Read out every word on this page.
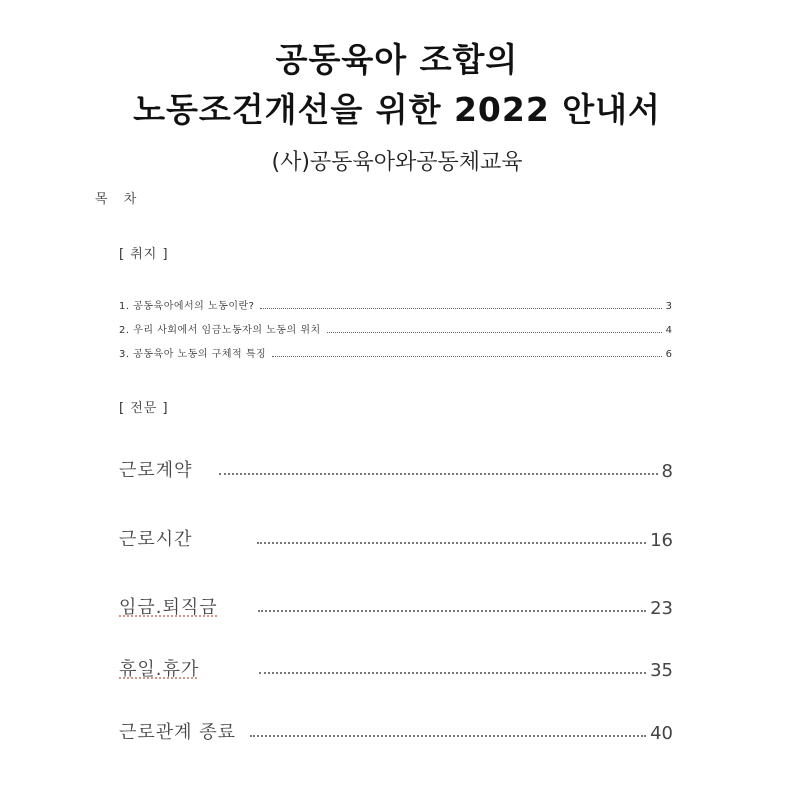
공동육아 조합의
노동조건개선을 위한 2022 안내서
(사)공동육아와공동체교육
목 차
[ 취지 ]
1. 공동육아에서의 노동이란?	3
2. 우리 사회에서 임금노동자의 노동의 위치	4
3. 공동육아 노동의 구체적 특징	6
[ 전문 ]
근로계약	8
근로시간	16
임금.퇴직금	23
휴일.휴가	35
근로관계 종료	40
